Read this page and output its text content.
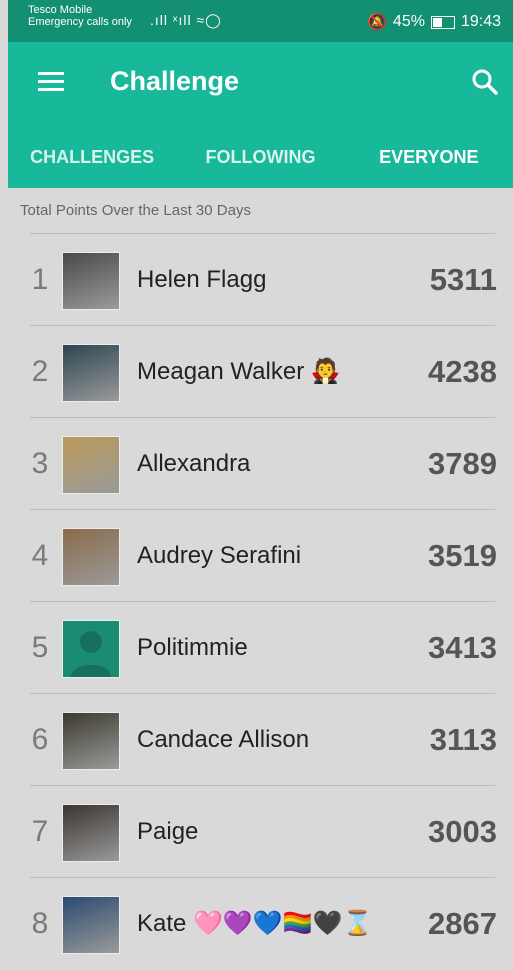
Tesco Mobile
Emergency calls only .ıll ˣıll ≈◯	🔕 45% 19:43
Challenge
CHALLENGES	FOLLOWING	EVERYONE
Total Points Over the Last 30 Days
1	Helen Flagg	5311
2	Meagan Walker 🧛	4238
3	Allexandra	3789
4	Audrey Serafini	3519
5	Politimmie	3413
6	Candace Allison	3113
7	Paige	3003
8	Kate 🩷💜💙🏳️‍🌈🖤⌛ 2867
